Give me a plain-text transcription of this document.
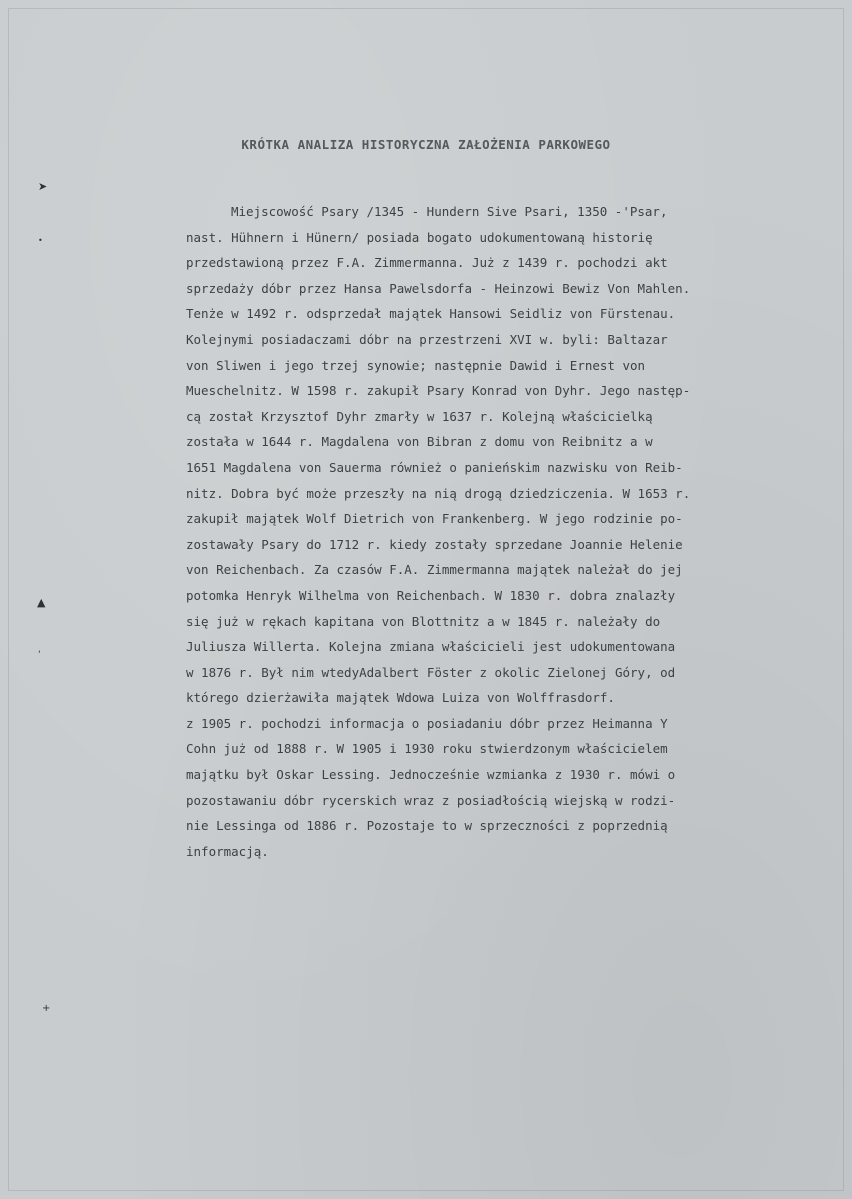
➤
•
▲
‘
+
KRÓTKA ANALIZA HISTORYCZNA ZAŁOŻENIA PARKOWEGO
Miejscowość Psary /1345 - Hundern Sive Psari, 1350 -'Psar,
nast. Hühnern i Hünern/ posiada bogato udokumentowaną historię
przedstawioną przez F.A. Zimmermanna. Już z 1439 r. pochodzi akt
sprzedaży dóbr przez Hansa Pawelsdorfa - Heinzowi Bewiz Von Mahlen.
Tenże w 1492 r. odsprzedał majątek Hansowi Seidliz von Fürstenau.
Kolejnymi posiadaczami dóbr na przestrzeni XVI w. byli: Baltazar
von Sliwen i jego trzej synowie; następnie Dawid i Ernest von
Mueschelnitz. W 1598 r. zakupił Psary Konrad von Dyhr. Jego następ-
cą został Krzysztof Dyhr zmarły w 1637 r. Kolejną właścicielką
została w 1644 r. Magdalena von Bibran z domu von Reibnitz a w
1651 Magdalena von Sauerma również o panieńskim nazwisku von Reib-
nitz. Dobra być może przeszły na nią drogą dziedziczenia. W 1653 r.
zakupił majątek Wolf Dietrich von Frankenberg. W jego rodzinie po-
zostawały Psary do 1712 r. kiedy zostały sprzedane Joannie Helenie
von Reichenbach. Za czasów F.A. Zimmermanna majątek należał do jej
potomka Henryk Wilhelma von Reichenbach. W 1830 r. dobra znalazły
się już w rękach kapitana von Blottnitz a w 1845 r. należały do
Juliusza Willerta. Kolejna zmiana właścicieli jest udokumentowana
w 1876 r. Był nim wtedyAdalbert Föster z okolic Zielonej Góry, od
którego dzierżawiła majątek Wdowa Luiza von Wolffrasdorf.
z 1905 r. pochodzi informacja o posiadaniu dóbr przez Heimanna Y
Cohn już od 1888 r. W 1905 i 1930 roku stwierdzonym właścicielem
majątku był Oskar Lessing. Jednocześnie wzmianka z 1930 r. mówi o
pozostawaniu dóbr rycerskich wraz z posiadłością wiejską w rodzi-
nie Lessinga od 1886 r. Pozostaje to w sprzeczności z poprzednią
informacją.
